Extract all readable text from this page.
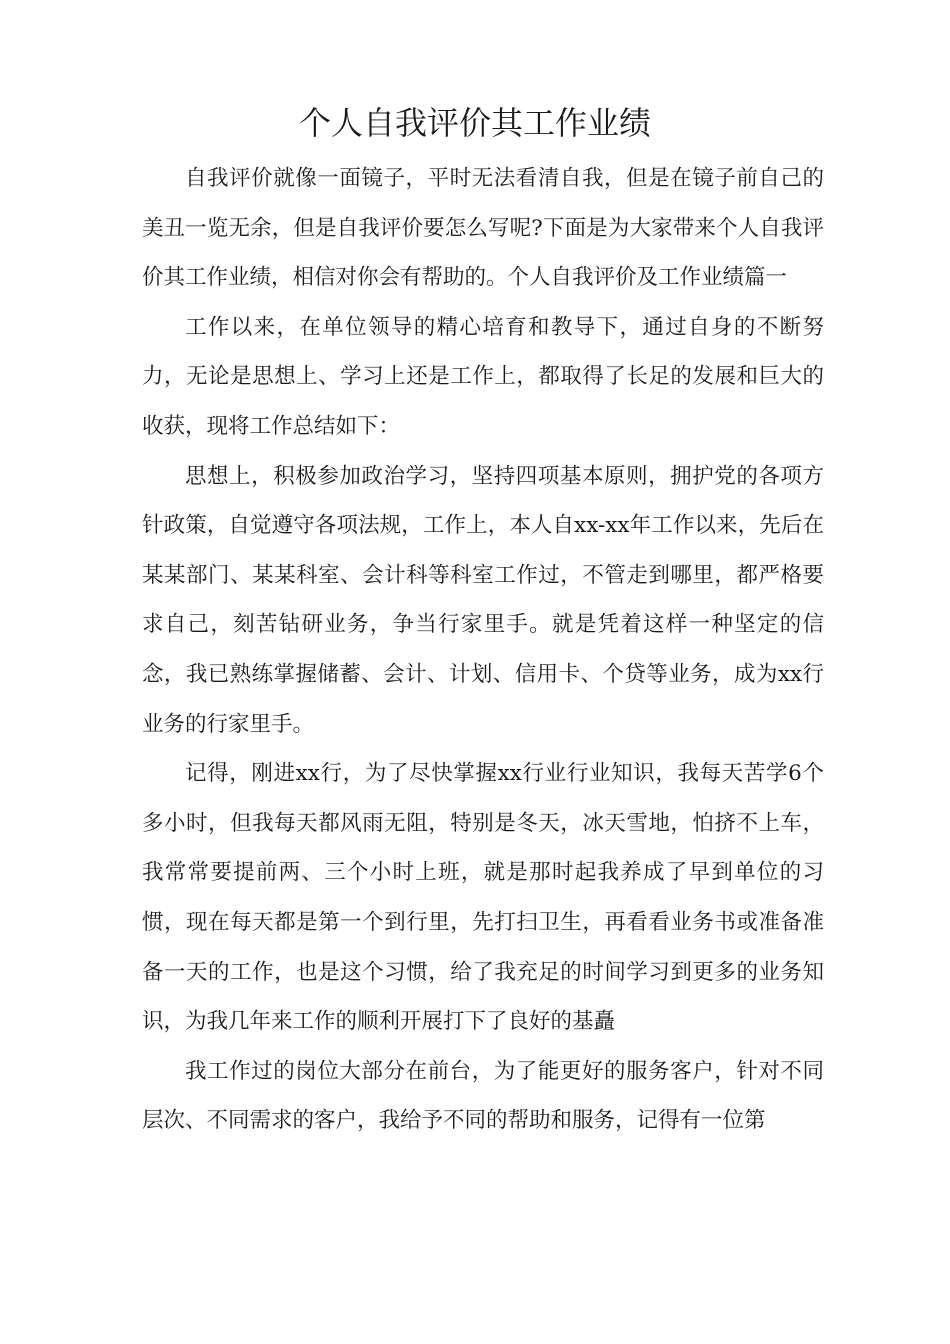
个人自我评价其工作业绩

自我评价就像一面镜子，平时无法看清自我，但是在镜子前自己的美丑一览无余，但是自我评价要怎么写呢?下面是为大家带来个人自我评价其工作业绩，相信对你会有帮助的。个人自我评价及工作业绩篇一

工作以来，在单位领导的精心培育和教导下，通过自身的不断努力，无论是思想上、学习上还是工作上，都取得了长足的发展和巨大的收获，现将工作总结如下：

思想上，积极参加政治学习，坚持四项基本原则，拥护党的各项方针政策，自觉遵守各项法规，工作上，本人自xx-xx年工作以来，先后在某某部门、某某科室、会计科等科室工作过，不管走到哪里，都严格要求自己，刻苦钻研业务，争当行家里手。就是凭着这样一种坚定的信念，我已熟练掌握储蓄、会计、计划、信用卡、个贷等业务，成为xx行业务的行家里手。

记得，刚进xx行，为了尽快掌握xx行业行业知识，我每天苦学6个多小时，但我每天都风雨无阻，特别是冬天，冰天雪地，怕挤不上车，我常常要提前两、三个小时上班，就是那时起我养成了早到单位的习惯，现在每天都是第一个到行里，先打扫卫生，再看看业务书或准备准备一天的工作，也是这个习惯，给了我充足的时间学习到更多的业务知识，为我几年来工作的顺利开展打下了良好的基矗

我工作过的岗位大部分在前台，为了能更好的服务客户，针对不同层次、不同需求的客户，我给予不同的帮助和服务，记得有一位第
